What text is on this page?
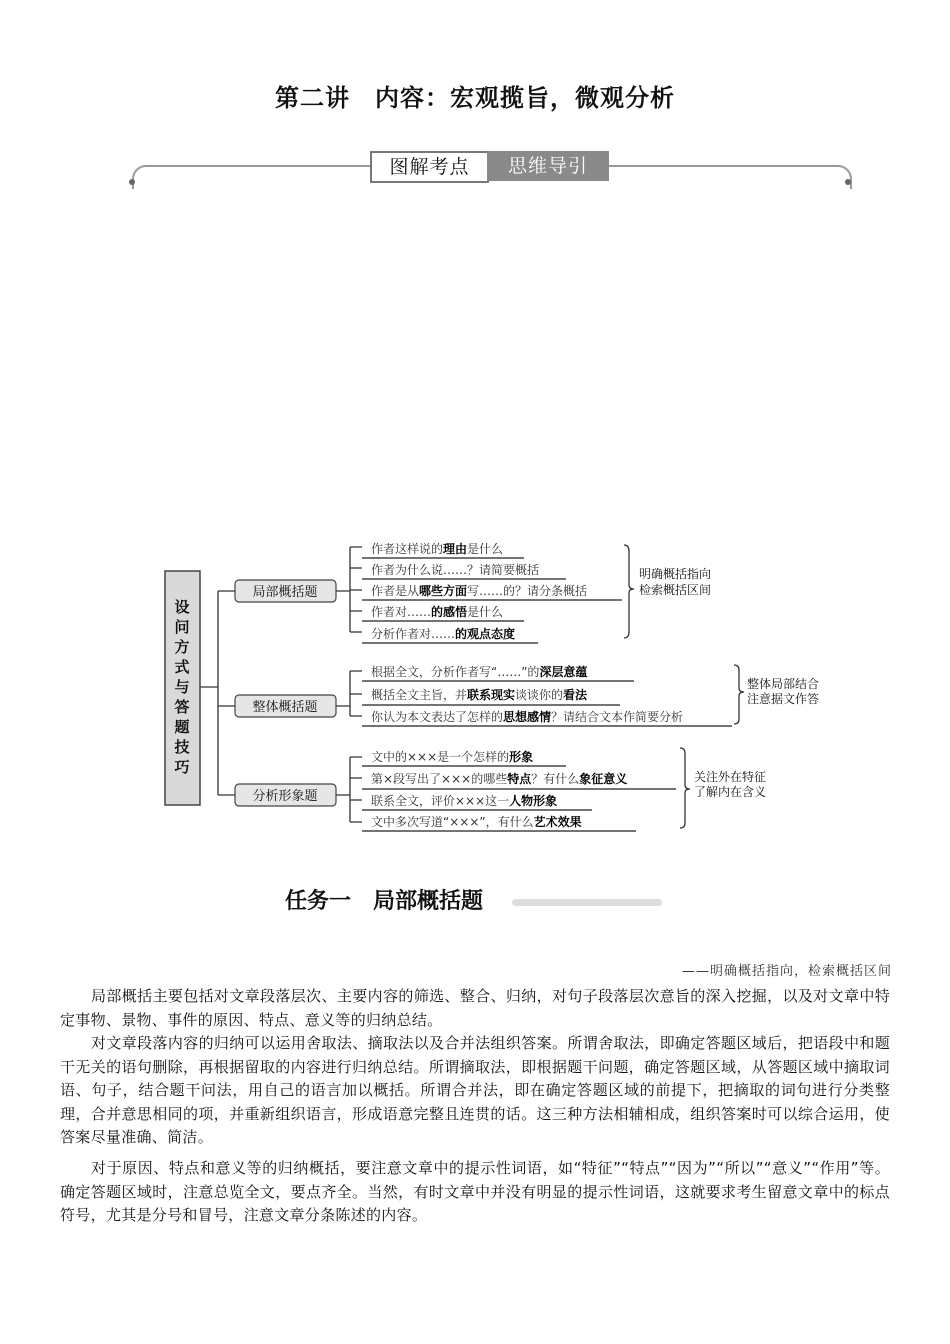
第二讲　内容：宏观揽旨，微观分析
图解考点	思维导引
设
问
方
式
与
答
题
技
巧
局部概括题
整体概括题
分析形象题
作者这样说的理由是什么
作者为什么说……？请简要概括
作者是从哪些方面写……的？请分条概括
作者对……的感悟是什么
分析作者对……的观点态度
根据全文，分析作者写“……”的深层意蕴
概括全文主旨，并联系现实谈谈你的看法
你认为本文表达了怎样的思想感情？请结合文本作简要分析
文中的×××是一个怎样的形象
第×段写出了×××的哪些特点？有什么象征意义
联系全文，评价×××这一人物形象
文中多次写道“×××”，有什么艺术效果
明确概括指向
检索概括区间
整体局部结合
注意据文作答
关注外在特征
了解内在含义
任务一　局部概括题
——明确概括指向，检索概括区间
局部概括主要包括对文章段落层次、主要内容的筛选、整合、归纳，对句子段落层次意旨的深入挖掘，以及对文章中特定事物、景物、事件的原因、特点、意义等的归纳总结。
对文章段落内容的归纳可以运用舍取法、摘取法以及合并法组织答案。所谓舍取法，即确定答题区域后，把语段中和题干无关的语句删除，再根据留取的内容进行归纳总结。所谓摘取法，即根据题干问题，确定答题区域，从答题区域中摘取词语、句子，结合题干问法，用自己的语言加以概括。所谓合并法，即在确定答题区域的前提下，把摘取的词句进行分类整理，合并意思相同的项，并重新组织语言，形成语意完整且连贯的话。这三种方法相辅相成，组织答案时可以综合运用，使答案尽量准确、简洁。
对于原因、特点和意义等的归纳概括，要注意文章中的提示性词语，如“特征”“特点”“因为”“所以”“意义”“作用”等。确定答题区域时，注意总览全文，要点齐全。当然，有时文章中并没有明显的提示性词语，这就要求考生留意文章中的标点符号，尤其是分号和冒号，注意文章分条陈述的内容。
